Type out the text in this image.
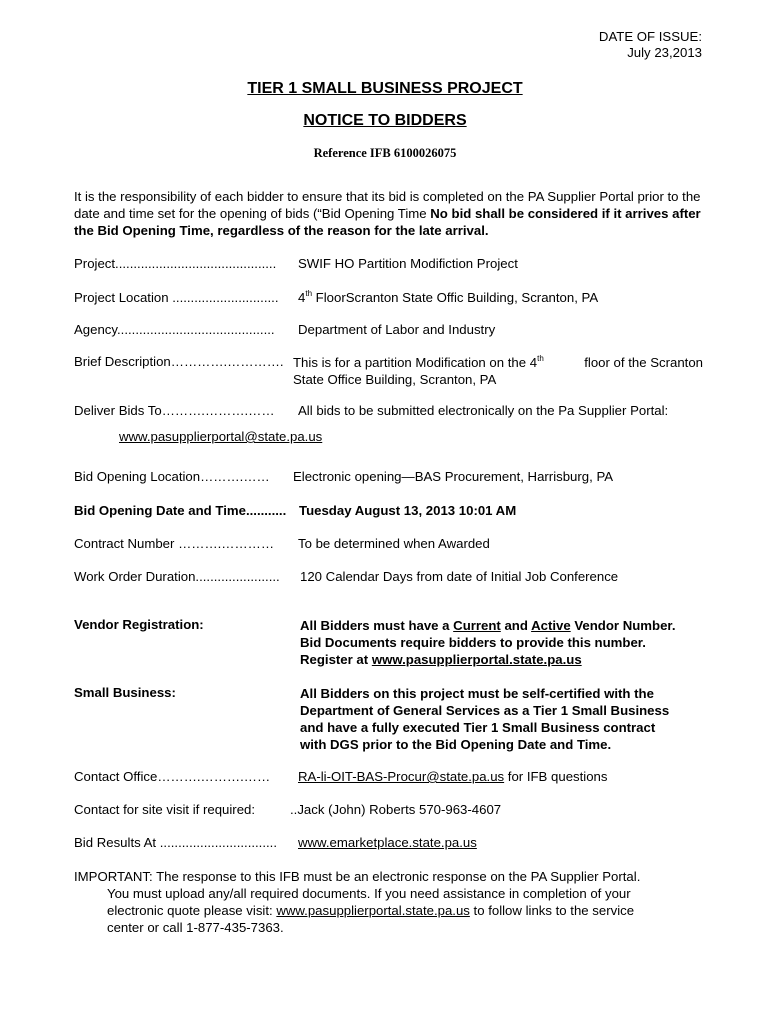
DATE OF ISSUE:
July 23,2013
TIER 1 SMALL BUSINESS PROJECT
NOTICE TO BIDDERS
Reference IFB 6100026075
It is the responsibility of each bidder to ensure that its bid is completed on the PA Supplier Portal prior to the date and time set for the opening of bids (“Bid Opening Time No bid shall be considered if it arrives after the Bid Opening Time, regardless of the reason for the late arrival.
Project............................................ SWIF HO Partition Modifiction Project
Project Location ............................. 4th FloorScranton State Offic Building, Scranton, PA
Agency........................................... Department of Labor and Industry
Brief Description………….…………. This is for a partition Modification on the 4th	floor of the Scranton
State Office Building, Scranton, PA
Deliver Bids To……….……….…… All bids to be submitted electronically on the Pa Supplier Portal:
www.pasupplierportal@state.pa.us
Bid Opening Location……….…… Electronic opening—BAS Procurement, Harrisburg, PA
Bid Opening Date and Time........... Tuesday August 13, 2013 10:01 AM
Contract Number ……….………… To be determined when Awarded
Work Order Duration....................... 120 Calendar Days from date of Initial Job Conference
Vendor Registration:	All Bidders must have a Current and Active Vendor Number.
Bid Documents require bidders to provide this number.
Register at www.pasupplierportal.state.pa.us
Small Business:	All Bidders on this project must be self-certified with the
Department of General Services as a Tier 1 Small Business
and have a fully executed Tier 1 Small Business contract
with DGS prior to the Bid Opening Date and Time.
Contact Office……….……….…… RA-li-OIT-BAS-Procur@state.pa.us for IFB questions
Contact for site visit if required:	..Jack (John) Roberts 570-963-4607
Bid Results At ................................ www.emarketplace.state.pa.us
IMPORTANT: The response to this IFB must be an electronic response on the PA Supplier Portal.
You must upload any/all required documents. If you need assistance in completion of your
electronic quote please visit: www.pasupplierportal.state.pa.us to follow links to the service
center or call 1-877-435-7363.
